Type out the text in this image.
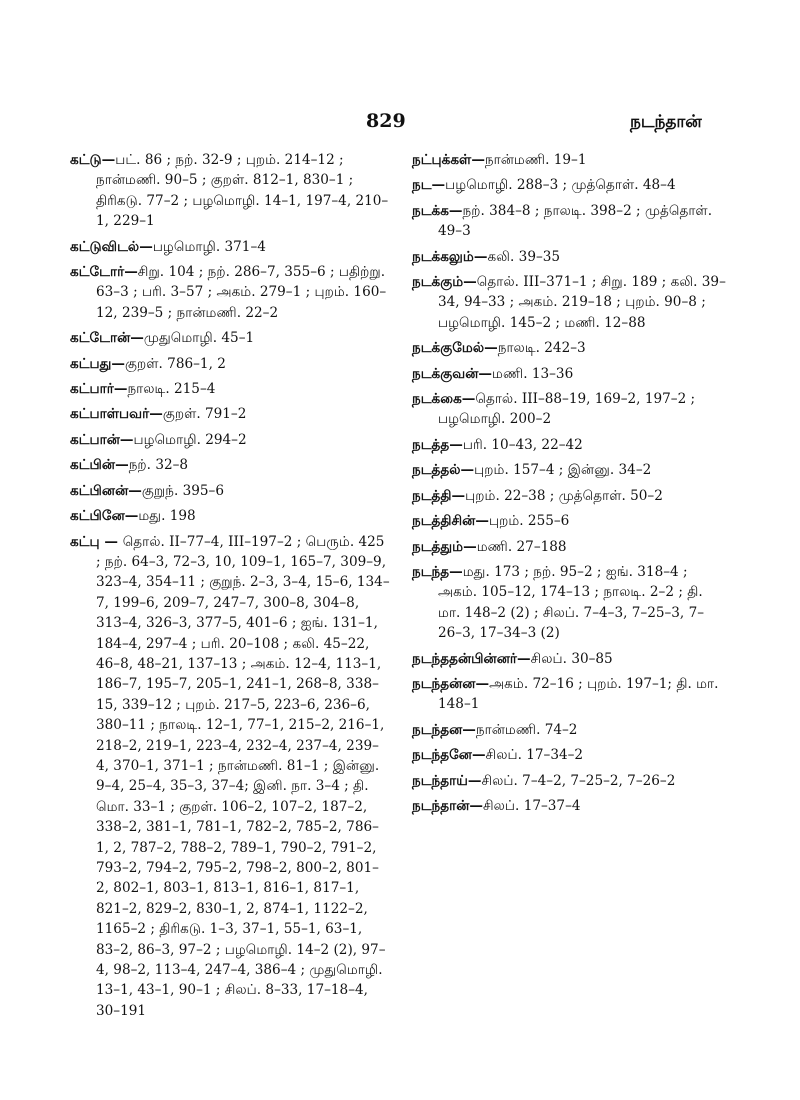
829	நடந்தான்
கட்டு—பட். 86 ; நற். 32-9 ; புறம். 214–12 ; நான்மணி. 90–5 ; குறள். 812–1, 830–1 ; திரிகடு. 77–2 ; பழமொழி. 14–1, 197–4, 210–1, 229–1
கட்டுவிடல்—பழமொழி. 371–4
கட்டோர்—சிறு. 104 ; நற். 286–7, 355–6 ; பதிற்று. 63–3 ; பரி. 3–57 ; அகம். 279–1 ; புறம். 160–12, 239–5 ; நான்மணி. 22–2
கட்டோன்—முதுமொழி. 45–1
கட்பது—குறள். 786–1, 2
கட்பார்—நாலடி. 215–4
கட்பாள்பவர்—குறள். 791–2
கட்பான்—பழமொழி. 294–2
கட்பின்—நற். 32–8
கட்பினன்—குறுந். 395–6
கட்பினே—மது. 198
கட்பு — தொல். II–77–4, III–197–2 ; பெரும். 425 ; நற். 64–3, 72–3, 10, 109–1, 165–7, 309–9, 323–4, 354–11 ; குறுந். 2–3, 3–4, 15–6, 134–7, 199–6, 209–7, 247–7, 300–8, 304–8, 313–4, 326–3, 377–5, 401–6 ; ஐங். 131–1, 184–4, 297–4 ; பரி. 20–108 ; கலி. 45–22, 46–8, 48–21, 137–13 ; அகம். 12–4, 113–1, 186–7, 195–7, 205–1, 241–1, 268–8, 338–15, 339–12 ; புறம். 217–5, 223–6, 236–6, 380–11 ; நாலடி. 12–1, 77–1, 215–2, 216–1, 218–2, 219–1, 223–4, 232–4, 237–4, 239–4, 370–1, 371–1 ; நான்மணி. 81–1 ; இன்னு. 9–4, 25–4, 35–3, 37–4; இனி. நா. 3–4 ; தி. மொ. 33–1 ; குறள். 106–2, 107–2, 187–2, 338–2, 381–1, 781–1, 782–2, 785–2, 786–1, 2, 787–2, 788–2, 789–1, 790–2, 791–2, 793–2, 794–2, 795–2, 798–2, 800–2, 801–2, 802–1, 803–1, 813–1, 816–1, 817–1, 821–2, 829–2, 830–1, 2, 874–1, 1122–2, 1165–2 ; திரிகடு. 1–3, 37–1, 55–1, 63–1, 83–2, 86–3, 97–2 ; பழமொழி. 14–2 (2), 97–4, 98–2, 113–4, 247–4, 386–4 ; முதுமொழி. 13–1, 43–1, 90–1 ; சிலப். 8–33, 17–18–4, 30–191
நட்புக்கள்—நான்மணி. 19–1
நட—பழமொழி. 288–3 ; முத்தொள். 48–4
நடக்க—நற். 384–8 ; நாலடி. 398–2 ; முத்தொள். 49–3
நடக்கலும்—கலி. 39–35
நடக்கும்—தொல். III–371–1 ; சிறு. 189 ; கலி. 39–34, 94–33 ; அகம். 219–18 ; புறம். 90–8 ; பழமொழி. 145–2 ; மணி. 12–88
நடக்குமேல்—நாலடி. 242–3
நடக்குவன்—மணி. 13–36
நடக்கை—தொல். III–88–19, 169–2, 197–2 ; பழமொழி. 200–2
நடத்த—பரி. 10–43, 22–42
நடத்தல்—புறம். 157–4 ; இன்னு. 34–2
நடத்தி—புறம். 22–38 ; முத்தொள். 50–2
நடத்திசின்—புறம். 255–6
நடத்தும்—மணி. 27–188
நடந்த—மது. 173 ; நற். 95–2 ; ஐங். 318–4 ; அகம். 105–12, 174–13 ; நாலடி. 2–2 ; தி. மா. 148–2 (2) ; சிலப். 7–4–3, 7–25–3, 7–26–3, 17–34–3 (2)
நடந்ததன்பின்னர்—சிலப். 30–85
நடந்தன்ன—அகம். 72–16 ; புறம். 197–1; தி. மா. 148–1
நடந்தன—நான்மணி. 74–2
நடந்தனே—சிலப். 17–34–2
நடந்தாய்—சிலப். 7–4–2, 7–25–2, 7–26–2
நடந்தான்—சிலப். 17–37–4
